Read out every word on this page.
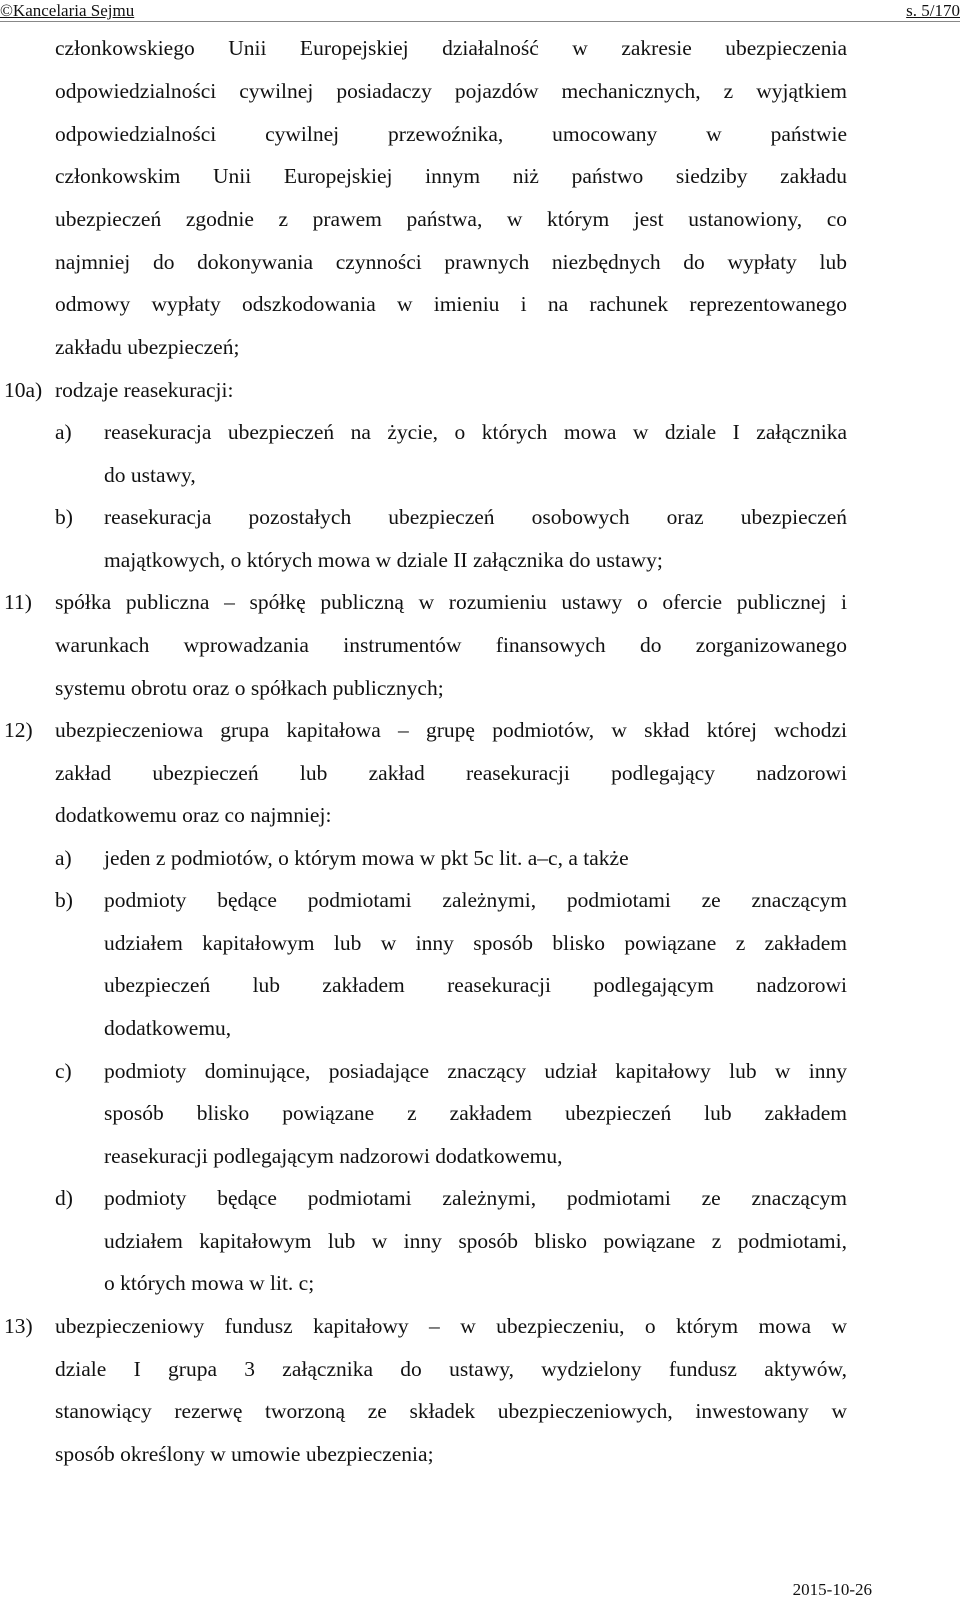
©Kancelaria Sejmu	s. 5/170
członkowskiego Unii Europejskiej działalność w zakresie ubezpieczenia
odpowiedzialności cywilnej posiadaczy pojazdów mechanicznych, z wyjątkiem
odpowiedzialności cywilnej przewoźnika, umocowany w państwie
członkowskim Unii Europejskiej innym niż państwo siedziby zakładu
ubezpieczeń zgodnie z prawem państwa, w którym jest ustanowiony, co
najmniej do dokonywania czynności prawnych niezbędnych do wypłaty lub
odmowy wypłaty odszkodowania w imieniu i na rachunek reprezentowanego
zakładu ubezpieczeń;
10a) rodzaje reasekuracji:
a) reasekuracja ubezpieczeń na życie, o których mowa w dziale I załącznika
do ustawy,
b) reasekuracja pozostałych ubezpieczeń osobowych oraz ubezpieczeń
majątkowych, o których mowa w dziale II załącznika do ustawy;
11) spółka publiczna – spółkę publiczną w rozumieniu ustawy o ofercie publicznej i
warunkach wprowadzania instrumentów finansowych do zorganizowanego
systemu obrotu oraz o spółkach publicznych;
12) ubezpieczeniowa grupa kapitałowa – grupę podmiotów, w skład której wchodzi
zakład ubezpieczeń lub zakład reasekuracji podlegający nadzorowi
dodatkowemu oraz co najmniej:
a) jeden z podmiotów, o którym mowa w pkt 5c lit. a–c, a także
b) podmioty będące podmiotami zależnymi, podmiotami ze znaczącym
udziałem kapitałowym lub w inny sposób blisko powiązane z zakładem
ubezpieczeń lub zakładem reasekuracji podlegającym nadzorowi
dodatkowemu,
c) podmioty dominujące, posiadające znaczący udział kapitałowy lub w inny
sposób blisko powiązane z zakładem ubezpieczeń lub zakładem
reasekuracji podlegającym nadzorowi dodatkowemu,
d) podmioty będące podmiotami zależnymi, podmiotami ze znaczącym
udziałem kapitałowym lub w inny sposób blisko powiązane z podmiotami,
o których mowa w lit. c;
13) ubezpieczeniowy fundusz kapitałowy – w ubezpieczeniu, o którym mowa w
dziale I grupa 3 załącznika do ustawy, wydzielony fundusz aktywów,
stanowiący rezerwę tworzoną ze składek ubezpieczeniowych, inwestowany w
sposób określony w umowie ubezpieczenia;
2015-10-26
